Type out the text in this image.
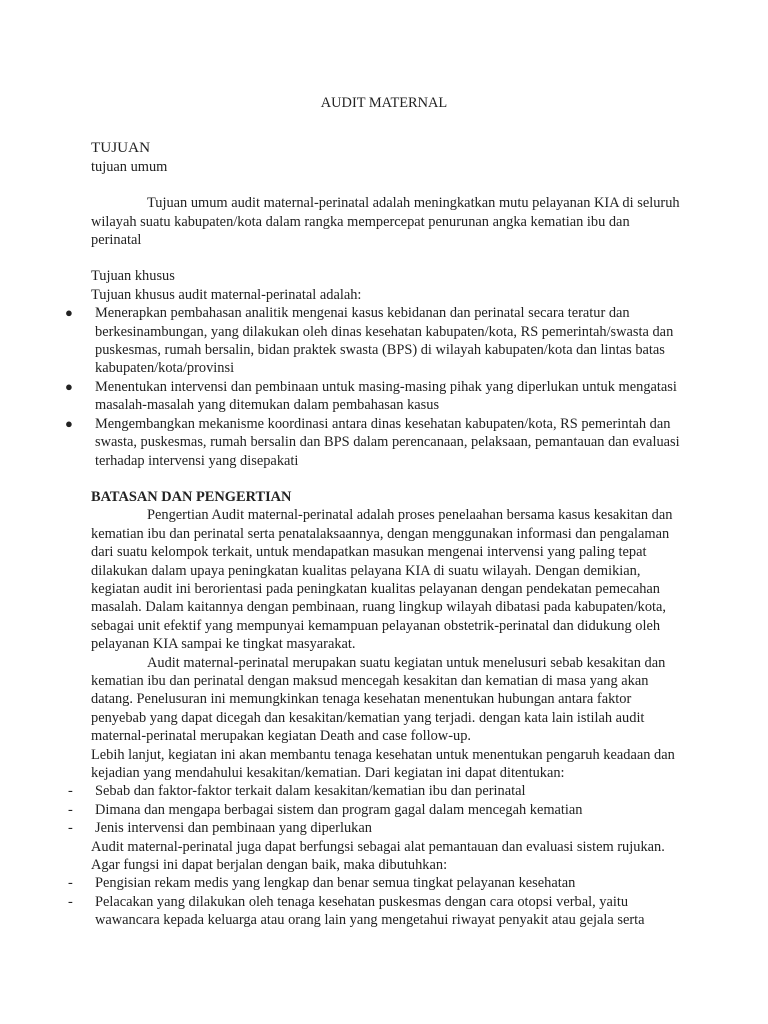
AUDIT MATERNAL

TUJUAN

tujuan umum

Tujuan umum audit maternal-perinatal adalah meningkatkan mutu pelayanan KIA di seluruh wilayah suatu kabupaten/kota dalam rangka mempercepat penurunan angka kematian ibu dan perinatal

Tujuan khusus

Tujuan khusus audit maternal-perinatal adalah:

● Menerapkan pembahasan analitik mengenai kasus kebidanan dan perinatal secara teratur dan berkesinambungan, yang dilakukan oleh dinas kesehatan kabupaten/kota, RS pemerintah/swasta dan puskesmas, rumah bersalin, bidan praktek swasta (BPS) di wilayah kabupaten/kota dan lintas batas kabupaten/kota/provinsi
● Menentukan intervensi dan pembinaan untuk masing-masing pihak yang diperlukan untuk mengatasi masalah-masalah yang ditemukan dalam pembahasan kasus
● Mengembangkan mekanisme koordinasi antara dinas kesehatan kabupaten/kota, RS pemerintah dan swasta, puskesmas, rumah bersalin dan BPS dalam perencanaan, pelaksaan, pemantauan dan evaluasi terhadap intervensi yang disepakati

BATASAN DAN PENGERTIAN

Pengertian Audit maternal-perinatal adalah proses penelaahan bersama kasus kesakitan dan kematian ibu dan perinatal serta penatalaksaannya, dengan menggunakan informasi dan pengalaman dari suatu kelompok terkait, untuk mendapatkan masukan mengenai intervensi yang paling tepat dilakukan dalam upaya peningkatan kualitas pelayana KIA di suatu wilayah. Dengan demikian, kegiatan audit ini berorientasi pada peningkatan kualitas pelayanan dengan pendekatan pemecahan masalah. Dalam kaitannya dengan pembinaan, ruang lingkup wilayah dibatasi pada kabupaten/kota, sebagai unit efektif yang mempunyai kemampuan pelayanan obstetrik-perinatal dan didukung oleh pelayanan KIA sampai ke tingkat masyarakat.

Audit maternal-perinatal merupakan suatu kegiatan untuk menelusuri sebab kesakitan dan kematian ibu dan perinatal dengan maksud mencegah kesakitan dan kematian di masa yang akan datang. Penelusuran ini memungkinkan tenaga kesehatan menentukan hubungan antara faktor penyebab yang dapat dicegah dan kesakitan/kematian yang terjadi. dengan kata lain istilah audit maternal-perinatal merupakan kegiatan Death and case follow-up.

Lebih lanjut, kegiatan ini akan membantu tenaga kesehatan untuk menentukan pengaruh keadaan dan kejadian yang mendahului kesakitan/kematian. Dari kegiatan ini dapat ditentukan:

- Sebab dan faktor-faktor terkait dalam kesakitan/kematian ibu dan perinatal
- Dimana dan mengapa berbagai sistem dan program gagal dalam mencegah kematian
- Jenis intervensi dan pembinaan yang diperlukan

Audit maternal-perinatal juga dapat berfungsi sebagai alat pemantauan dan evaluasi sistem rujukan. Agar fungsi ini dapat berjalan dengan baik, maka dibutuhkan:

- Pengisian rekam medis yang lengkap dan benar semua tingkat pelayanan kesehatan
- Pelacakan yang dilakukan oleh tenaga kesehatan puskesmas dengan cara otopsi verbal, yaitu wawancara kepada keluarga atau orang lain yang mengetahui riwayat penyakit atau gejala serta
